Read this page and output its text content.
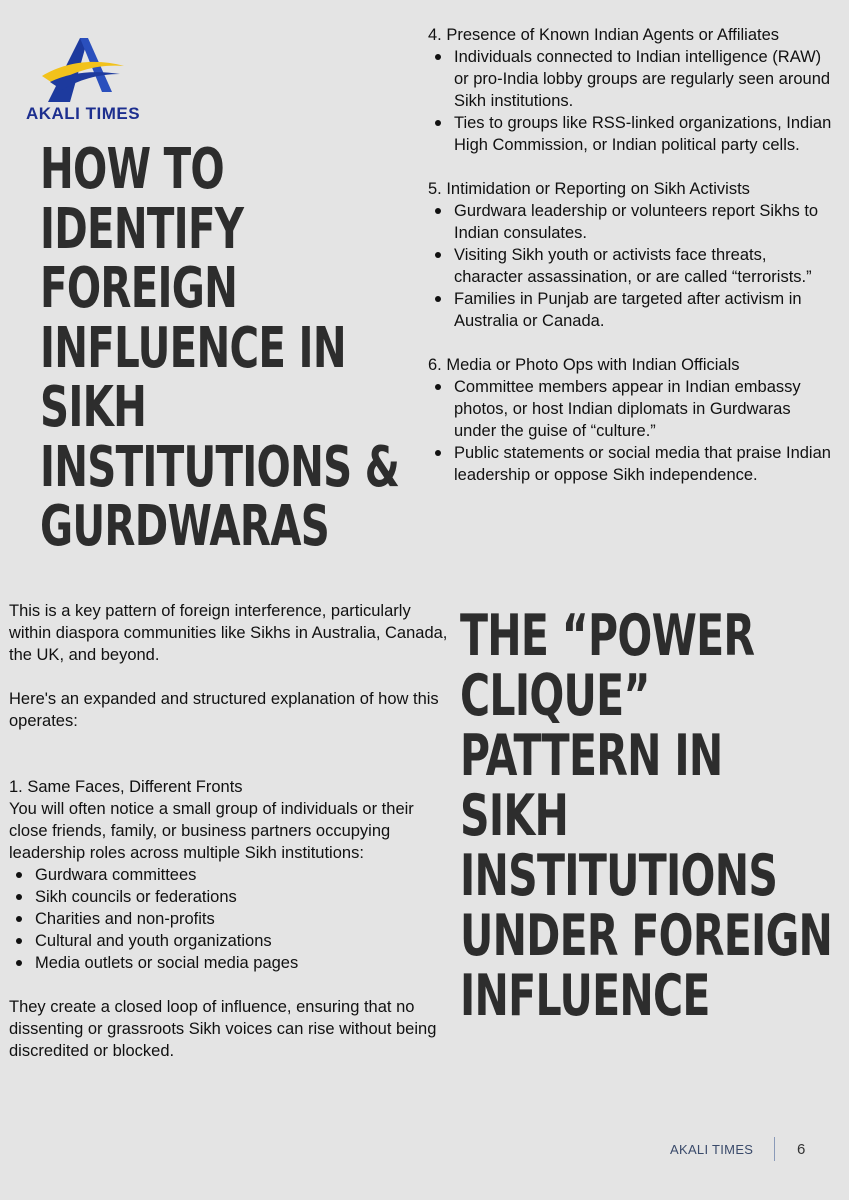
AKALI TIMES
HOW TO
IDENTIFY
FOREIGN
INFLUENCE IN
SIKH
INSTITUTIONS &
GURDWARAS

4. Presence of Known Indian Agents or Affiliates

Individuals connected to Indian intelligence (RAW) or pro-India lobby groups are regularly seen around Sikh institutions.
Ties to groups like RSS-linked organizations, Indian High Commission, or Indian political party cells.

5. Intimidation or Reporting on Sikh Activists

Gurdwara leadership or volunteers report Sikhs to Indian consulates.
Visiting Sikh youth or activists face threats, character assassination, or are called “terrorists.”
Families in Punjab are targeted after activism in Australia or Canada.

6. Media or Photo Ops with Indian Officials

Committee members appear in Indian embassy photos, or host Indian diplomats in Gurdwaras under the guise of “culture.”
Public statements or social media that praise Indian leadership or oppose Sikh independence.

This is a key pattern of foreign interference, particularly within diaspora communities like Sikhs in Australia, Canada, the UK, and beyond.

Here's an expanded and structured explanation of how this operates:

1. Same Faces, Different Fronts

You will often notice a small group of individuals or their close friends, family, or business partners occupying leadership roles across multiple Sikh institutions:

Gurdwara committees
Sikh councils or federations
Charities and non-profits
Cultural and youth organizations
Media outlets or social media pages

They create a closed loop of influence, ensuring that no dissenting or grassroots Sikh voices can rise without being discredited or blocked.

THE “POWER
CLIQUE”
PATTERN IN
SIKH
INSTITUTIONS
UNDER FOREIGN
INFLUENCE
AKALI TIMES	6
